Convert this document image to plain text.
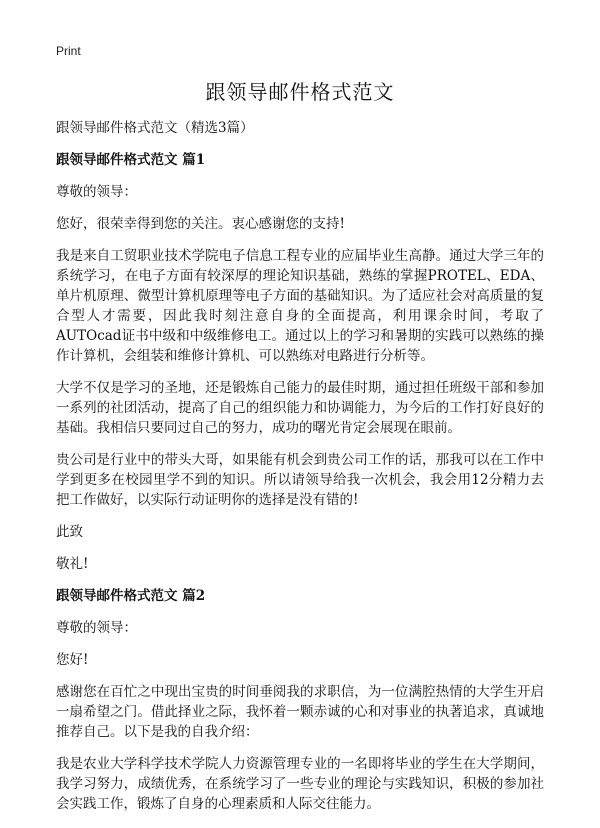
Print
跟领导邮件格式范文

跟领导邮件格式范文（精选3篇）

跟领导邮件格式范文 篇1

尊敬的领导：

您好，很荣幸得到您的关注。衷心感谢您的支持!

我是来自工贸职业技术学院电子信息工程专业的应届毕业生高静。通过大学三年的系统学习，在电子方面有较深厚的理论知识基础，熟练的掌握PROTEL、EDA、单片机原理、微型计算机原理等电子方面的基础知识。为了适应社会对高质量的复合型人才需要，因此我时刻注意自身的全面提高，利用课余时间，考取了AUTOcad证书中级和中级维修电工。通过以上的学习和暑期的实践可以熟练的操作计算机，会组装和维修计算机、可以熟练对电路进行分析等。

大学不仅是学习的圣地，还是锻炼自己能力的最佳时期，通过担任班级干部和参加一系列的社团活动，提高了自己的组织能力和协调能力，为今后的工作打好良好的基础。我相信只要同过自己的努力，成功的曙光肯定会展现在眼前。

贵公司是行业中的带头大哥，如果能有机会到贵公司工作的话，那我可以在工作中学到更多在校园里学不到的知识。所以请领导给我一次机会，我会用12分精力去把工作做好，以实际行动证明你的选择是没有错的!

此致

敬礼!

跟领导邮件格式范文 篇2

尊敬的领导：

您好!

感谢您在百忙之中现出宝贵的时间垂阅我的求职信，为一位满腔热情的大学生开启一扇希望之门。借此择业之际，我怀着一颗赤诚的心和对事业的执著追求，真诚地推荐自己。以下是我的自我介绍：

我是农业大学科学技术学院人力资源管理专业的一名即将毕业的学生在大学期间，我学习努力，成绩优秀，在系统学习了一些专业的理论与实践知识，积极的参加社会实践工作，锻炼了自身的心理素质和人际交往能力。
